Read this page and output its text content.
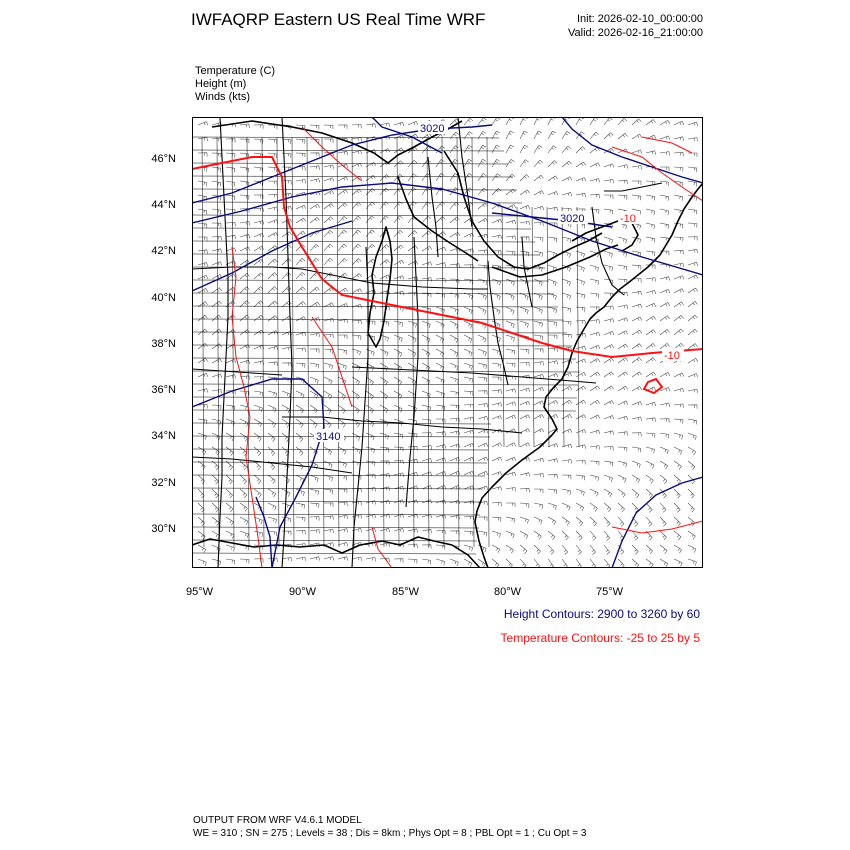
IWFAQRP Eastern US Real Time WRF	Init: 2026-02-10_00:00:00
Valid: 2026-02-16_21:00:00
Temperature (C)
Height (m)
Winds (kts)
46°N
44°N
42°N
40°N
38°N
36°N
34°N
32°N
30°N
95°W	90°W	85°W	80°W	75°W
3020
3020
3140
-10
-10
Height Contours: 2900 to 3260 by 60
Temperature Contours: -25 to 25 by 5
OUTPUT FROM WRF V4.6.1 MODEL
WE = 310 ; SN = 275 ; Levels = 38 ; Dis = 8km ; Phys Opt = 8 ; PBL Opt = 1 ; Cu Opt = 3
